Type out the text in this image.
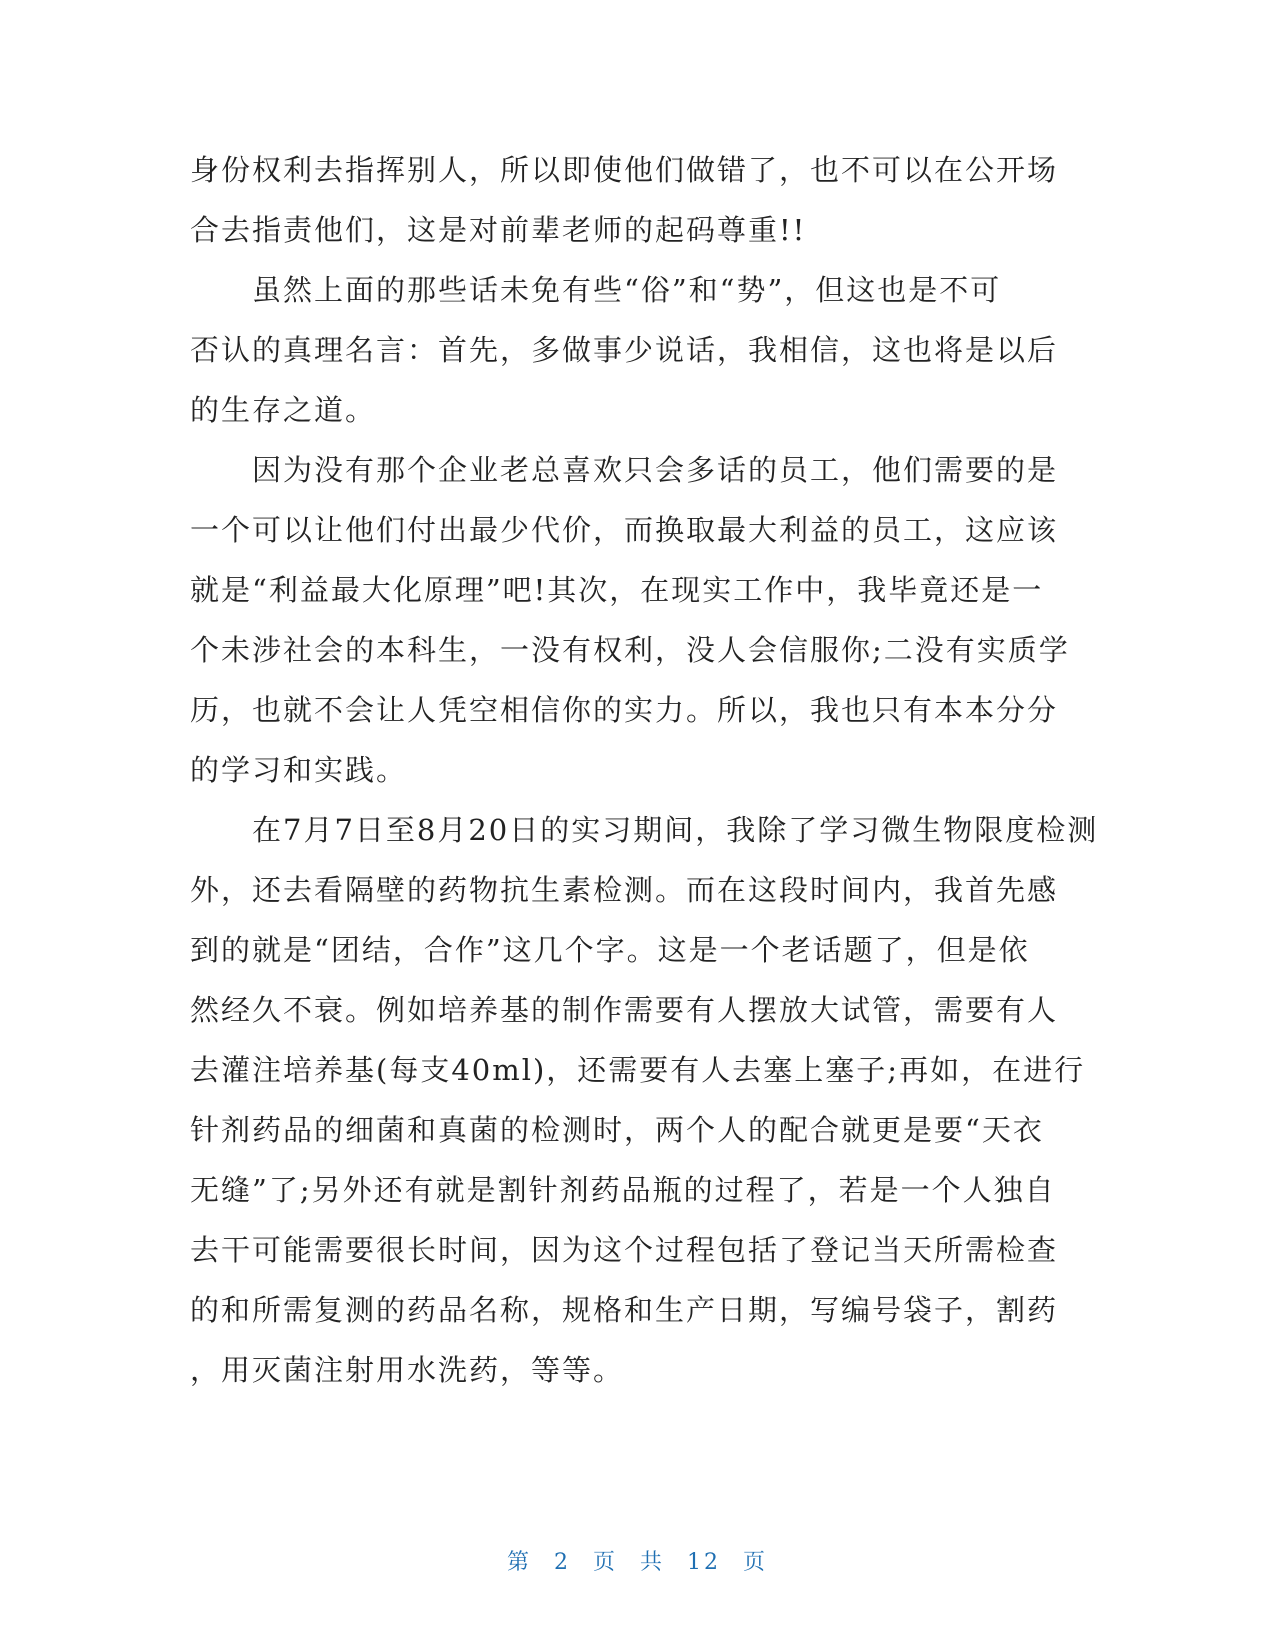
身份权利去指挥别人，所以即使他们做错了，也不可以在公开场
合去指责他们，这是对前辈老师的起码尊重!!
　　虽然上面的那些话未免有些“俗”和“势”，但这也是不可
否认的真理名言：首先，多做事少说话，我相信，这也将是以后
的生存之道。
　　因为没有那个企业老总喜欢只会多话的员工，他们需要的是
一个可以让他们付出最少代价，而换取最大利益的员工，这应该
就是“利益最大化原理”吧!其次，在现实工作中，我毕竟还是一
个未涉社会的本科生，一没有权利，没人会信服你;二没有实质学
历，也就不会让人凭空相信你的实力。所以，我也只有本本分分
的学习和实践。
　　在7月7日至8月20日的实习期间，我除了学习微生物限度检测
外，还去看隔壁的药物抗生素检测。而在这段时间内，我首先感
到的就是“团结，合作”这几个字。这是一个老话题了，但是依
然经久不衰。例如培养基的制作需要有人摆放大试管，需要有人
去灌注培养基(每支40ml)，还需要有人去塞上塞子;再如，在进行
针剂药品的细菌和真菌的检测时，两个人的配合就更是要“天衣
无缝”了;另外还有就是割针剂药品瓶的过程了，若是一个人独自
去干可能需要很长时间，因为这个过程包括了登记当天所需检查
的和所需复测的药品名称，规格和生产日期，写编号袋子，割药
，用灭菌注射用水洗药，等等。
第 2 页 共 12 页
